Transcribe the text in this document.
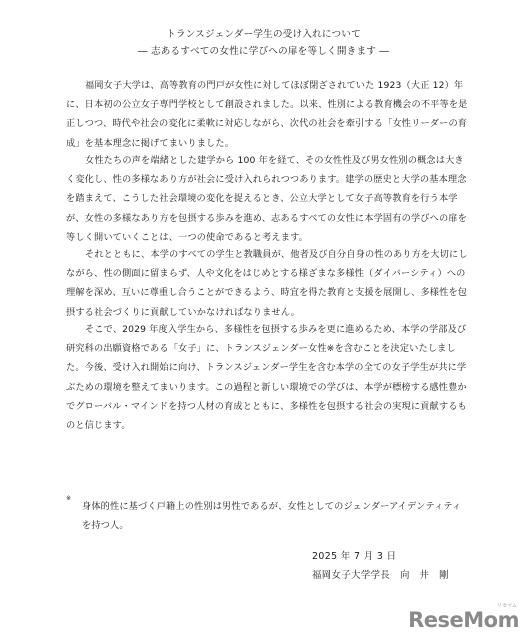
トランスジェンダー学生の受け入れについて
― 志あるすべての女性に学びへの扉を等しく開きます ―

福岡女子大学は、高等教育の門戸が女性に対してほぼ閉ざされていた 1923（大正 12）年に、日本初の公立女子専門学校として創設されました。以来、性別による教育機会の不平等を是正しつつ、時代や社会の変化に柔軟に対応しながら、次代の社会を牽引する「女性リーダーの育成」を基本理念に掲げてまいりました。

女性たちの声を端緒とした建学から 100 年を経て、その女性性及び男女性別の概念は大きく変化し、性の多様なあり方が社会に受け入れられつつあります。建学の歴史と大学の基本理念を踏まえて、こうした社会環境の変化を捉えるとき、公立大学として女子高等教育を行う本学が、女性の多様なあり方を包摂する歩みを進め、志あるすべての女性に本学固有の学びへの扉を等しく開いていくことは、一つの使命であると考えます。

それとともに、本学のすべての学生と教職員が、他者及び自分自身の性のあり方を大切にしながら、性の側面に留まらず、人や文化をはじめとする様ざまな多様性（ダイバーシティ）への理解を深め、互いに尊重し合うことができるよう、時宜を得た教育と支援を展開し、多様性を包摂する社会づくりに貢献していかなければなりません。

そこで、2029 年度入学生から、多様性を包摂する歩みを更に進めるため、本学の学部及び研究科の出願資格である「女子」に、トランスジェンダー女性※を含むことを決定いたしました。今後、受け入れ開始に向け、トランスジェンダー学生を含む本学の全ての女子学生が共に学ぶための環境を整えてまいります。この過程と新しい環境での学びは、本学が標榜する感性豊かでグローバル・マインドを持つ人材の育成とともに、多様性を包摂する社会の実現に貢献するものと信じます。

※

身体的性に基づく戸籍上の性別は男性であるが、女性としてのジェンダーアイデンティティを持つ人。

2025 年 7 月 3 日
福岡女子大学学長　向　井　剛
リセマム
ReseMom
